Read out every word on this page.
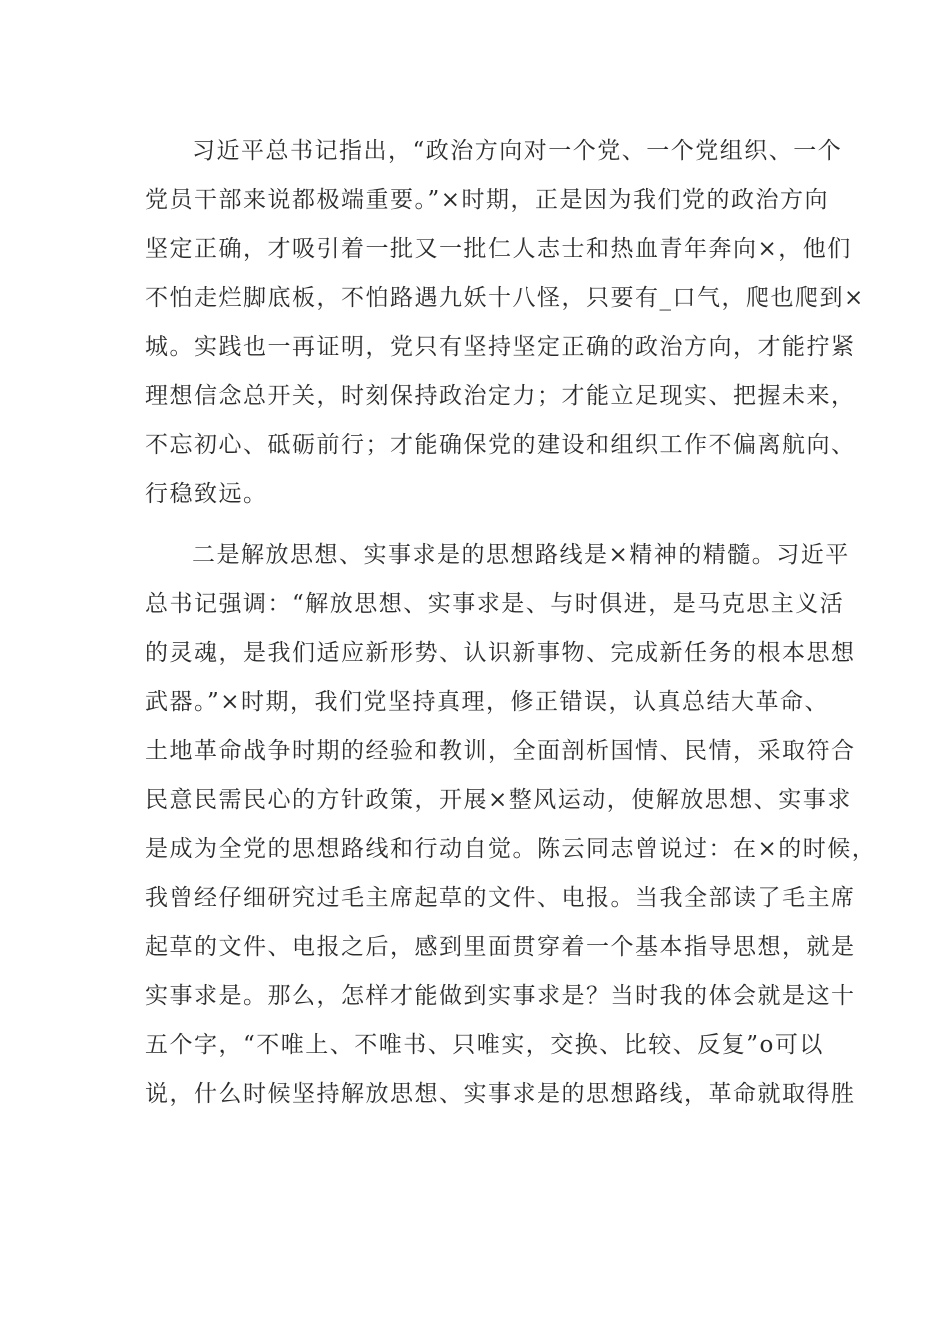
习近平总书记指出，“政治方向对一个党、一个党组织、一个
党员干部来说都极端重要。”×时期，正是因为我们党的政治方向
坚定正确，才吸引着一批又一批仁人志士和热血青年奔向×，他们
不怕走烂脚底板，不怕路遇九妖十八怪，只要有_口气，爬也爬到×
城。实践也一再证明，党只有坚持坚定正确的政治方向，才能拧紧
理想信念总开关，时刻保持政治定力；才能立足现实、把握未来，
不忘初心、砥砺前行；才能确保党的建设和组织工作不偏离航向、
行稳致远。

二是解放思想、实事求是的思想路线是×精神的精髓。习近平
总书记强调：“解放思想、实事求是、与时俱进，是马克思主义活
的灵魂，是我们适应新形势、认识新事物、完成新任务的根本思想
武器。”×时期，我们党坚持真理，修正错误，认真总结大革命、
土地革命战争时期的经验和教训，全面剖析国情、民情，采取符合
民意民需民心的方针政策，开展×整风运动，使解放思想、实事求
是成为全党的思想路线和行动自觉。陈云同志曾说过：在×的时候，
我曾经仔细研究过毛主席起草的文件、电报。当我全部读了毛主席
起草的文件、电报之后，感到里面贯穿着一个基本指导思想，就是
实事求是。那么，怎样才能做到实事求是？当时我的体会就是这十
五个字，“不唯上、不唯书、只唯实，交换、比较、反复”o可以
说，什么时候坚持解放思想、实事求是的思想路线，革命就取得胜
